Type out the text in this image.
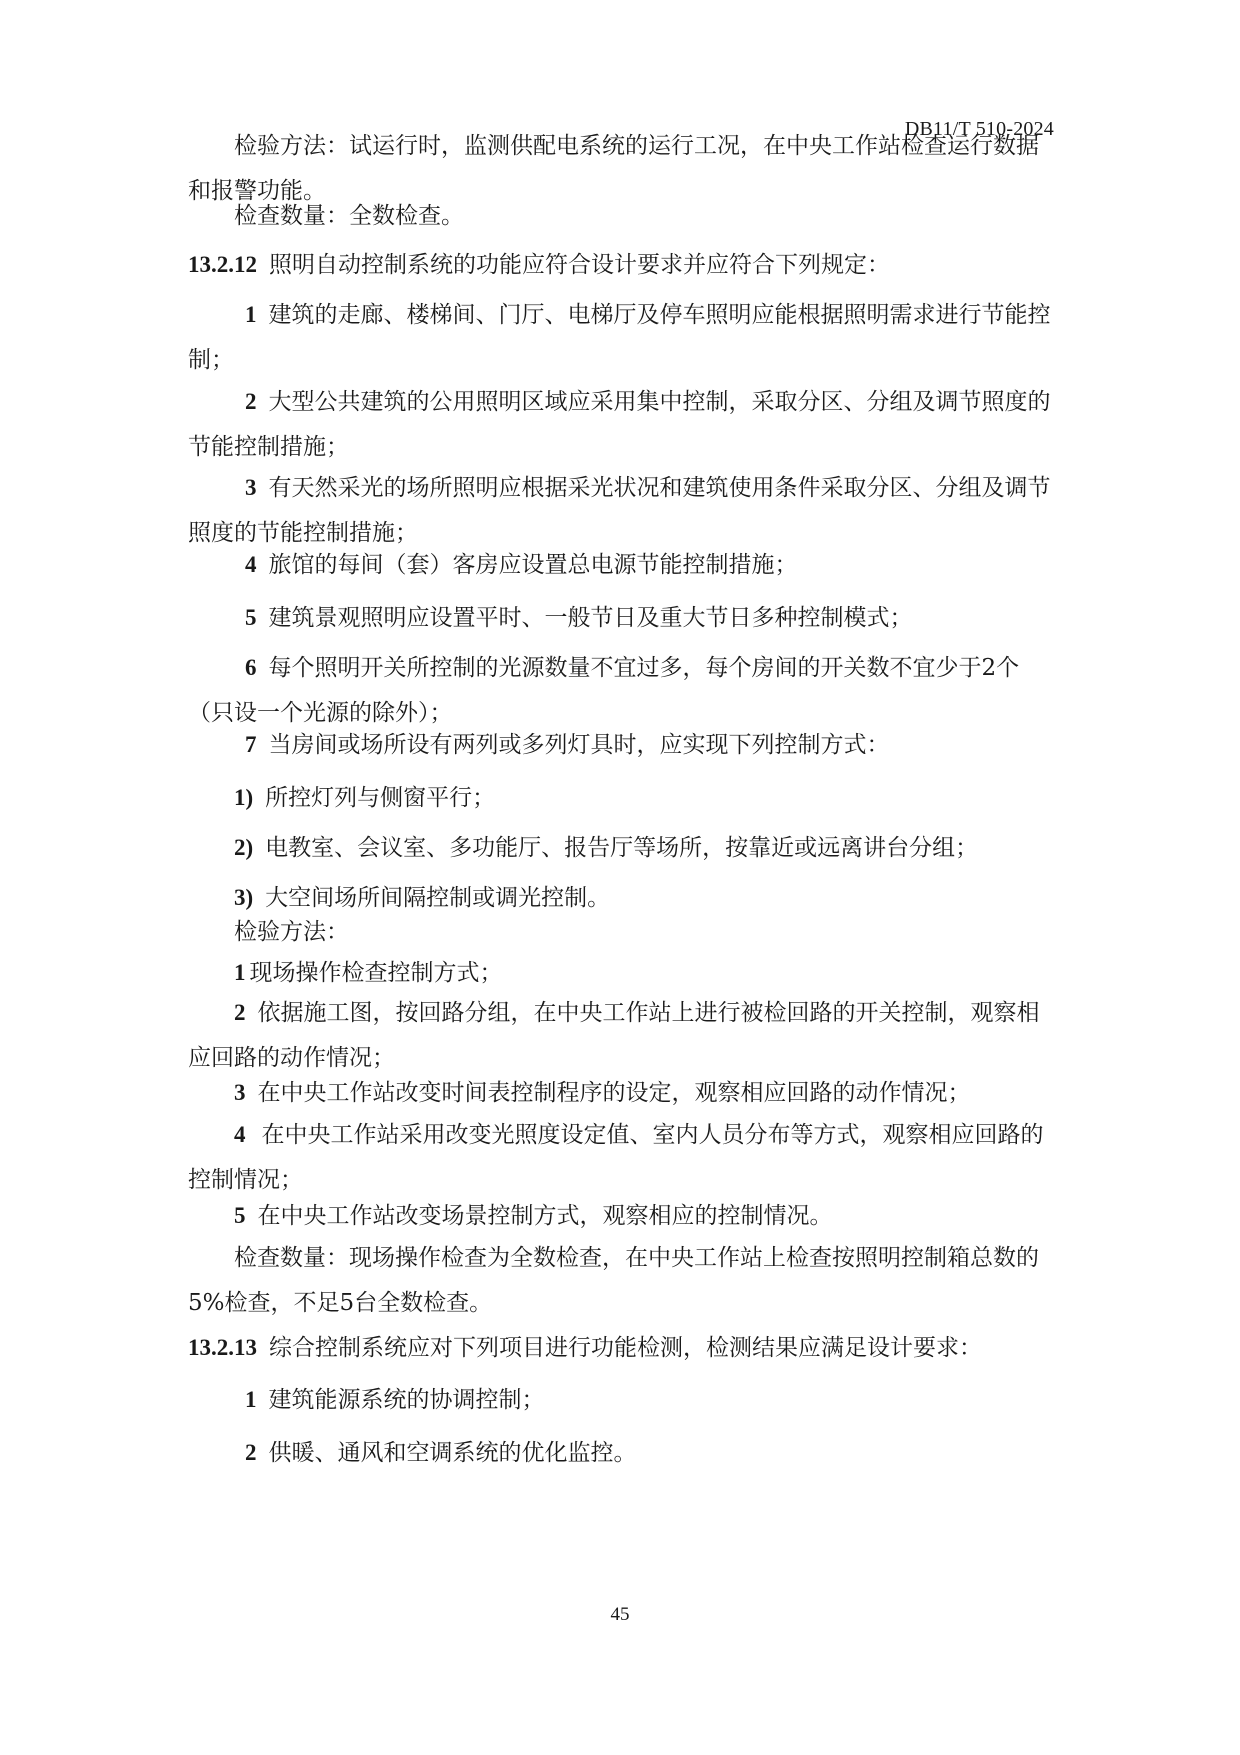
DB11/T 510-2024

检验方法：试运行时，监测供配电系统的运行工况，在中央工作站检查运行数据和报警功能。

检查数量：全数检查。

13.2.12 照明自动控制系统的功能应符合设计要求并应符合下列规定：

1 建筑的走廊、楼梯间、门厅、电梯厅及停车照明应能根据照明需求进行节能控制；

2 大型公共建筑的公用照明区域应采用集中控制，采取分区、分组及调节照度的节能控制措施；

3 有天然采光的场所照明应根据采光状况和建筑使用条件采取分区、分组及调节照度的节能控制措施；

4 旅馆的每间（套）客房应设置总电源节能控制措施；

5 建筑景观照明应设置平时、一般节日及重大节日多种控制模式；

6 每个照明开关所控制的光源数量不宜过多，每个房间的开关数不宜少于2个（只设一个光源的除外）；

7 当房间或场所设有两列或多列灯具时，应实现下列控制方式：

1) 所控灯列与侧窗平行；

2) 电教室、会议室、多功能厅、报告厅等场所，按靠近或远离讲台分组；

3) 大空间场所间隔控制或调光控制。

检验方法：

1 现场操作检查控制方式；

2 依据施工图，按回路分组，在中央工作站上进行被检回路的开关控制，观察相应回路的动作情况；

3 在中央工作站改变时间表控制程序的设定，观察相应回路的动作情况；

4 在中央工作站采用改变光照度设定值、室内人员分布等方式，观察相应回路的控制情况；

5 在中央工作站改变场景控制方式，观察相应的控制情况。

检查数量：现场操作检查为全数检查，在中央工作站上检查按照明控制箱总数的5%检查，不足5台全数检查。

13.2.13 综合控制系统应对下列项目进行功能检测，检测结果应满足设计要求：

1 建筑能源系统的协调控制；

2 供暖、通风和空调系统的优化监控。

45
